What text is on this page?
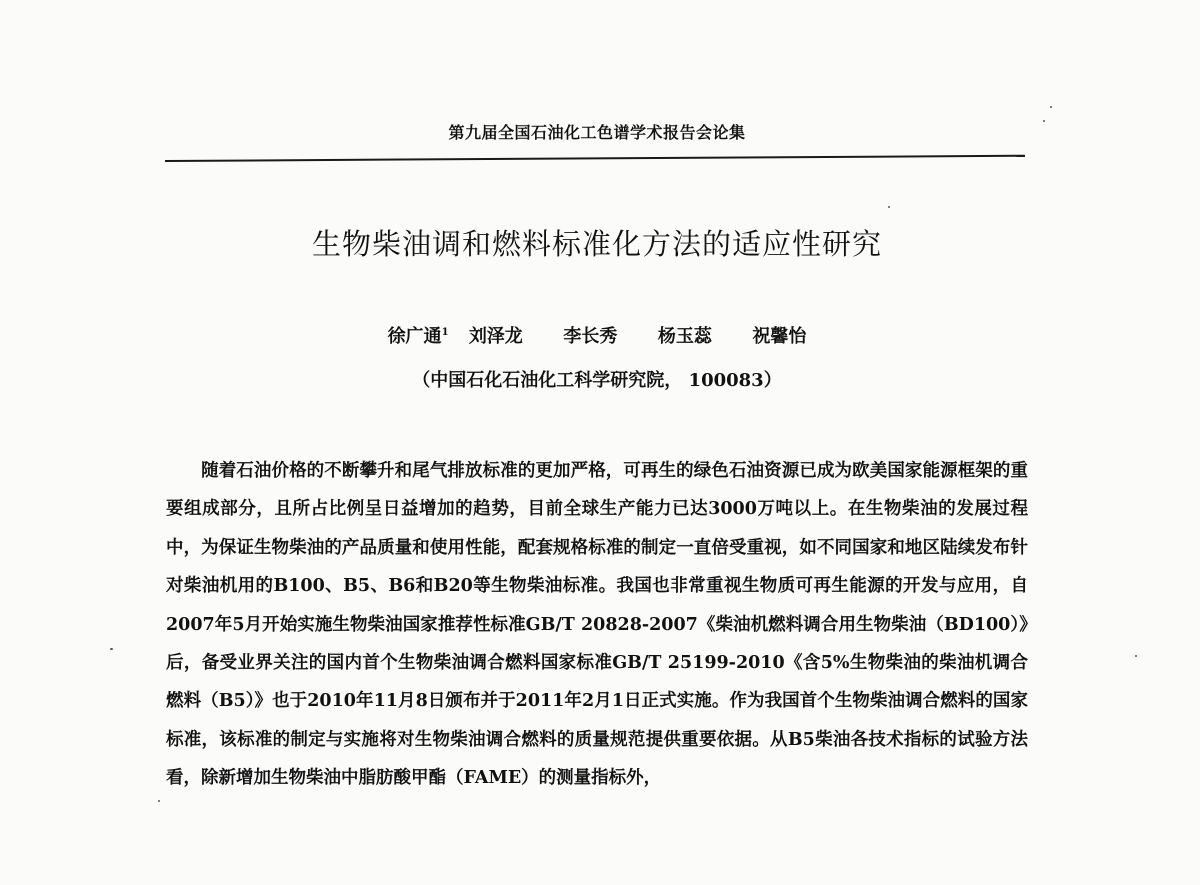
第九届全国石油化工色谱学术报告会论集
生物柴油调和燃料标准化方法的适应性研究
徐广通$^1$ 刘泽龙  李长秀  杨玉蕊  祝馨怡
（中国石化石油化工科学研究院， 100083）

随着石油价格的不断攀升和尾气排放标准的更加严格，可再生的绿色石油资源已成为欧美国家能源框架的重要组成部分，且所占比例呈日益增加的趋势，目前全球生产能力已达3000万吨以上。在生物柴油的发展过程中，为保证生物柴油的产品质量和使用性能，配套规格标准的制定一直倍受重视，如不同国家和地区陆续发布针对柴油机用的B100、B5、B6和B20等生物柴油标准。我国也非常重视生物质可再生能源的开发与应用，自2007年5月开始实施生物柴油国家推荐性标准GB/T 20828-2007《柴油机燃料调合用生物柴油（BD100）》后，备受业界关注的国内首个生物柴油调合燃料国家标准GB/T 25199-2010《含5%生物柴油的柴油机调合燃料（B5）》也于2010年11月8日颁布并于2011年2月1日正式实施。作为我国首个生物柴油调合燃料的国家标准，该标准的制定与实施将对生物柴油调合燃料的质量规范提供重要依据。从B5柴油各技术指标的试验方法看，除新增加生物柴油中脂肪酸甲酯（FAME）的测量指标外，
